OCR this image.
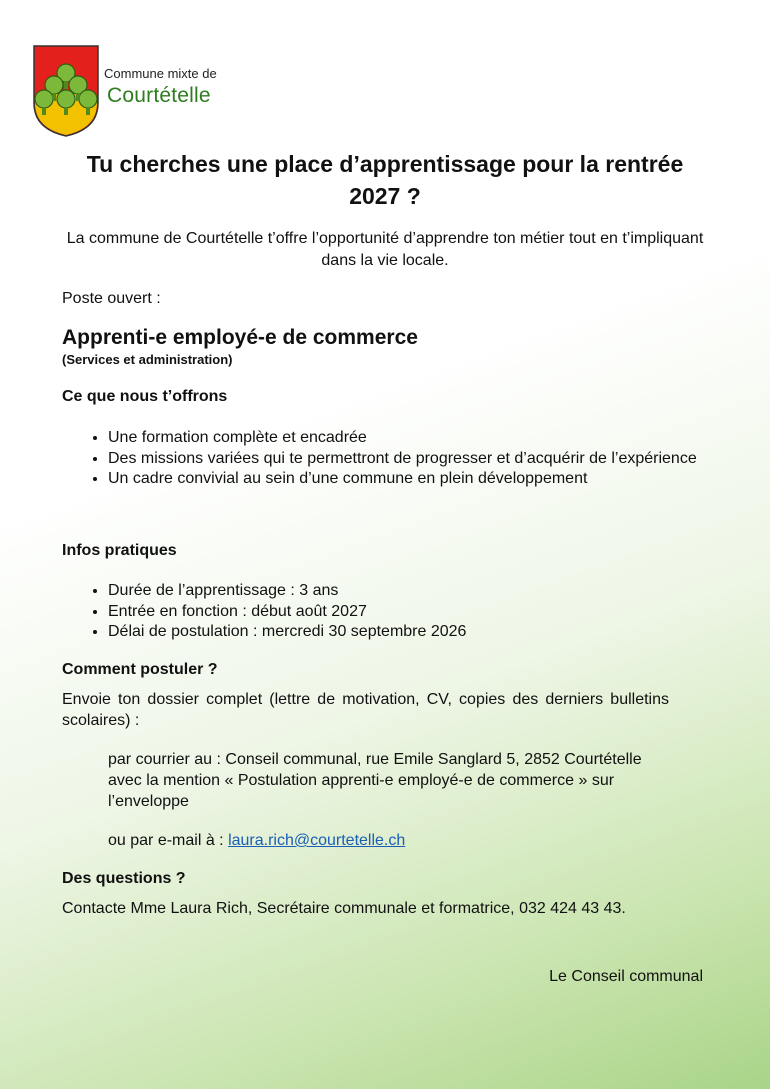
Commune mixte de
Courtételle
Tu cherches une place d’apprentissage pour la rentrée 2027 ?
La commune de Courtételle t’offre l’opportunité d’apprendre ton métier tout en t’impliquant dans la vie locale.
Poste ouvert :
Apprenti-e employé-e de commerce
(Services et administration)
Ce que nous t’offrons
• Une formation complète et encadrée
• Des missions variées qui te permettront de progresser et d’acquérir de l’expérience
• Un cadre convivial au sein d’une commune en plein développement
Infos pratiques
• Durée de l’apprentissage : 3 ans
• Entrée en fonction : début août 2027
• Délai de postulation : mercredi 30 septembre 2026
Comment postuler ?
Envoie ton dossier complet (lettre de motivation, CV, copies des derniers bulletins scolaires) :
par courrier au : Conseil communal, rue Emile Sanglard 5, 2852 Courtételle avec la mention « Postulation apprenti-e employé-e de commerce » sur l’enveloppe
ou par e-mail à : laura.rich@courtetelle.ch
Des questions ?
Contacte Mme Laura Rich, Secrétaire communale et formatrice, 032 424 43 43.
Le Conseil communal
